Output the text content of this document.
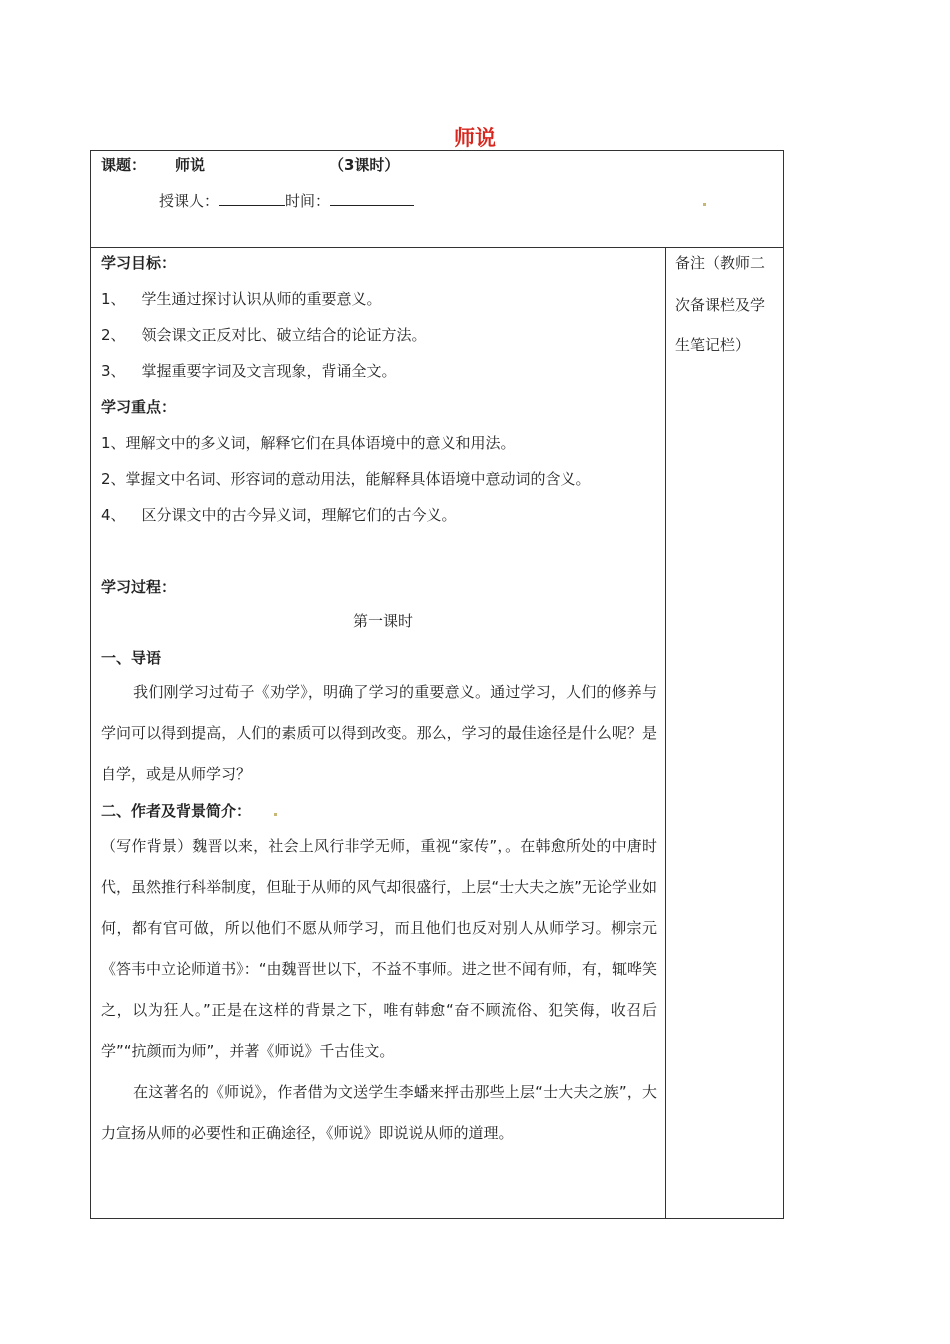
师说
课题： 师说	（3课时）
授课人：	时间：
备注（教师二
次备课栏及学
生笔记栏）
学习目标：
1、 学生通过探讨认识从师的重要意义。
2、 领会课文正反对比、破立结合的论证方法。
3、 掌握重要字词及文言现象，背诵全文。
学习重点：
1、理解文中的多义词，解释它们在具体语境中的意义和用法。
2、掌握文中名词、形容词的意动用法，能解释具体语境中意动词的含义。
4、 区分课文中的古今异义词，理解它们的古今义。
学习过程：
第一课时
一、导语
我们刚学习过荀子《劝学》，明确了学习的重要意义。通过学习，人们的修养与学问可以得到提高，人们的素质可以得到改变。那么，学习的最佳途径是什么呢？是自学，或是从师学习？
二、作者及背景简介：
（写作背景）魏晋以来，社会上风行非学无师，重视“家传”，。在韩愈所处的中唐时代，虽然推行科举制度，但耻于从师的风气却很盛行，上层“士大夫之族”无论学业如何，都有官可做，所以他们不愿从师学习，而且他们也反对别人从师学习。柳宗元《答韦中立论师道书》：“由魏晋世以下，不益不事师。进之世不闻有师，有，辄哗笑之，以为狂人。”正是在这样的背景之下，唯有韩愈“奋不顾流俗、犯笑侮，收召后学”“抗颜而为师”，并著《师说》千古佳文。
在这著名的《师说》，作者借为文送学生李蟠来抨击那些上层“士大夫之族”，大力宣扬从师的必要性和正确途径，《师说》即说说从师的道理。
